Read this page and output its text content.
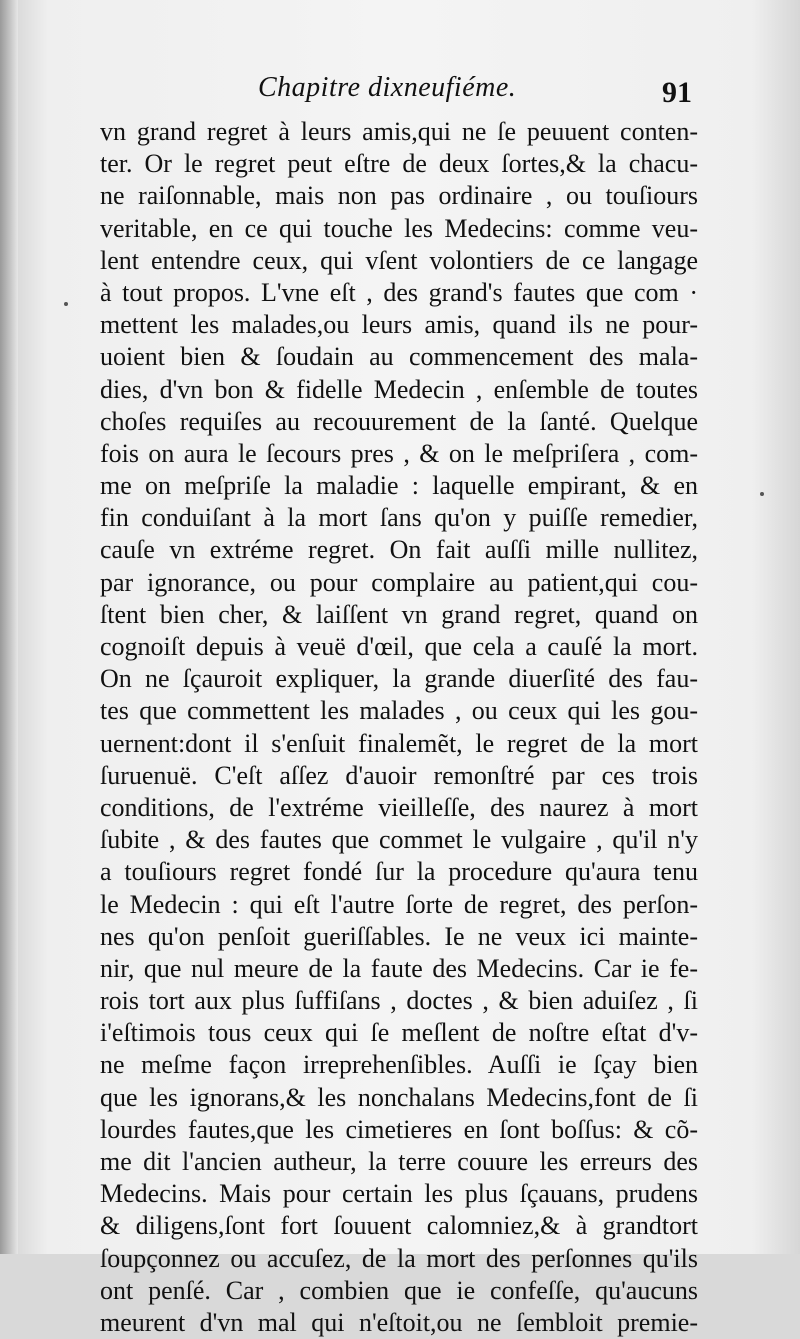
Chapitre dixneufiéme.	91
vn grand regret à leurs amis,qui ne ſe peuuent conten-
ter. Or le regret peut eſtre de deux ſortes,& la chacu-
ne raiſonnable, mais non pas ordinaire , ou touſiours
veritable, en ce qui touche les Medecins: comme veu-
lent entendre ceux, qui vſent volontiers de ce langage
à tout propos. L'vne eſt , des grand's fautes que com ·
mettent les malades,ou leurs amis, quand ils ne pour-
uoient bien & ſoudain au commencement des mala-
dies, d'vn bon & fidelle Medecin , enſemble de toutes
choſes requiſes au recouurement de la ſanté. Quelque
fois on aura le ſecours pres , & on le meſpriſera , com-
me on meſpriſe la maladie : laquelle empirant, & en
fin conduiſant à la mort ſans qu'on y puiſſe remedier,
cauſe vn extréme regret. On fait auſſi mille nullitez,
par ignorance, ou pour complaire au patient,qui cou-
ſtent bien cher, & laiſſent vn grand regret, quand on
cognoiſt depuis à veuë d'œil, que cela a cauſé la mort.
On ne ſçauroit expliquer, la grande diuerſité des fau-
tes que commettent les malades , ou ceux qui les gou-
uernent:dont il s'enſuit finalemẽt, le regret de la mort
ſuruenuë. C'eſt aſſez d'auoir remonſtré par ces trois
conditions, de l'extréme vieilleſſe, des naurez à mort
ſubite , & des fautes que commet le vulgaire , qu'il n'y
a touſiours regret fondé ſur la procedure qu'aura tenu
le Medecin : qui eſt l'autre ſorte de regret, des perſon-
nes qu'on penſoit gueriſſables. Ie ne veux ici mainte-
nir, que nul meure de la faute des Medecins. Car ie fe-
rois tort aux plus ſuffiſans , doctes , & bien aduiſez , ſi
i'eſtimois tous ceux qui ſe meſlent de noſtre eſtat d'v-
ne meſme façon irreprehenſibles. Auſſi ie ſçay bien
que les ignorans,& les nonchalans Medecins,font de ſi
lourdes fautes,que les cimetieres en ſont boſſus: & cõ-
me dit l'ancien autheur, la terre couure les erreurs des
Medecins. Mais pour certain les plus ſçauans, prudens
& diligens,ſont fort ſouuent calomniez,& à grandtort
ſoupçonnez ou accuſez, de la mort des perſonnes qu'ils
ont penſé. Car , combien que ie confeſſe, qu'aucuns
meurent d'vn mal qui n'eſtoit,ou ne ſembloit premie-
